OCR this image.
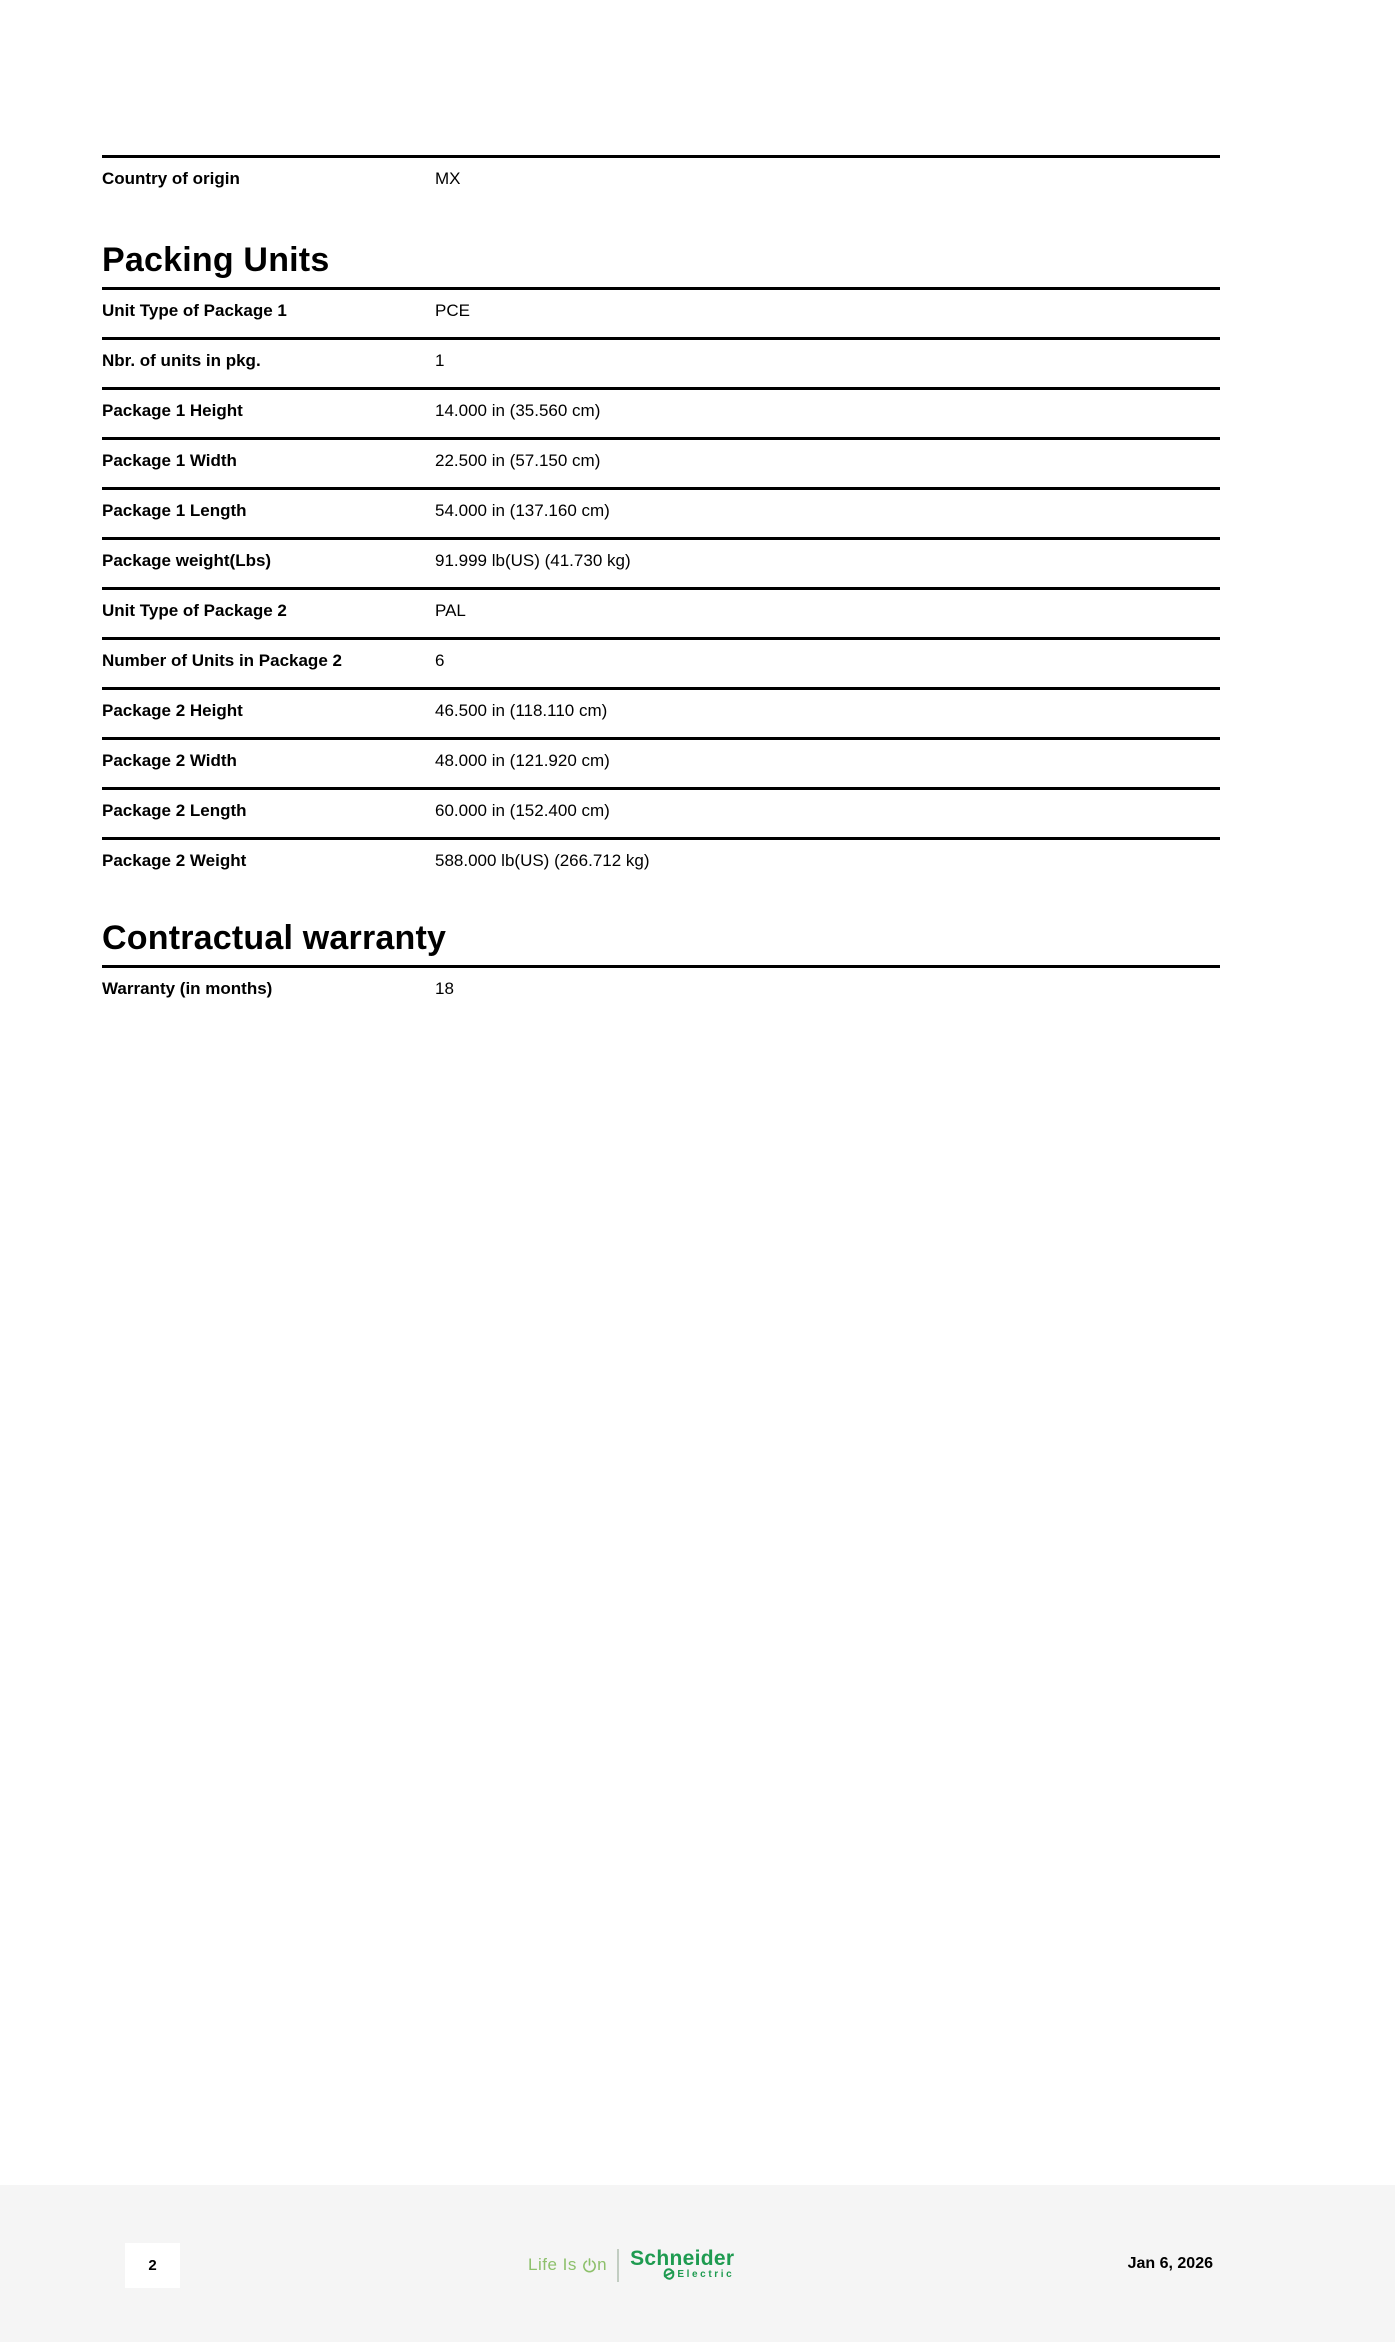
Country of origin	MX
Packing Units
Unit Type of Package 1	PCE
Nbr. of units in pkg.	1
Package 1 Height	14.000 in (35.560 cm)
Package 1 Width	22.500 in (57.150 cm)
Package 1 Length	54.000 in (137.160 cm)
Package weight(Lbs)	91.999 lb(US) (41.730 kg)
Unit Type of Package 2	PAL
Number of Units in Package 2	6
Package 2 Height	46.500 in (118.110 cm)
Package 2 Width	48.000 in (121.920 cm)
Package 2 Length	60.000 in (152.400 cm)
Package 2 Weight	588.000 lb(US) (266.712 kg)
Contractual warranty
Warranty (in months)	18
2	Life Is n Schneider
Electric
Jan 6, 2026
